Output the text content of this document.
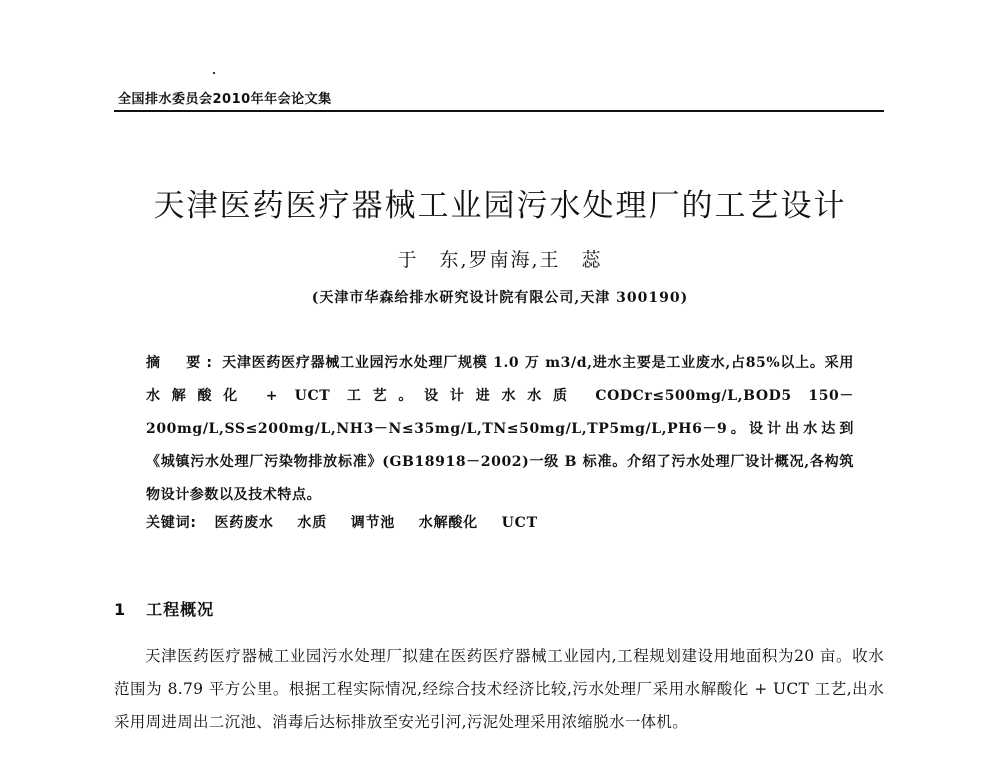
全国排水委员会2010年年会论文集
天津医药医疗器械工业园污水处理厂的工艺设计
于　东,罗南海,王　蕊
(天津市华森给排水研究设计院有限公司,天津 300190)
摘　要: 天津医药医疗器械工业园污水处理厂规模 1.0 万 m3/d,进水主要是工业废水,占85%以上。采用水解酸化 + UCT 工艺。设计进水水质 CODCr≤500mg/L,BOD5 150－200mg/L,SS≤200mg/L,NH3－N≤35mg/L,TN≤50mg/L,TP5mg/L,PH6－9。设计出水达到《城镇污水处理厂污染物排放标准》(GB18918－2002)一级 B 标准。介绍了污水处理厂设计概况,各构筑物设计参数以及技术特点。
关键词: 医药废水 水质 调节池 水解酸化 UCT
1 工程概况
天津医药医疗器械工业园污水处理厂拟建在医药医疗器械工业园内,工程规划建设用地面积为20 亩。收水范围为 8.79 平方公里。根据工程实际情况,经综合技术经济比较,污水处理厂采用水解酸化 + UCT 工艺,出水采用周进周出二沉池、消毒后达标排放至安光引河,污泥处理采用浓缩脱水一体机。
